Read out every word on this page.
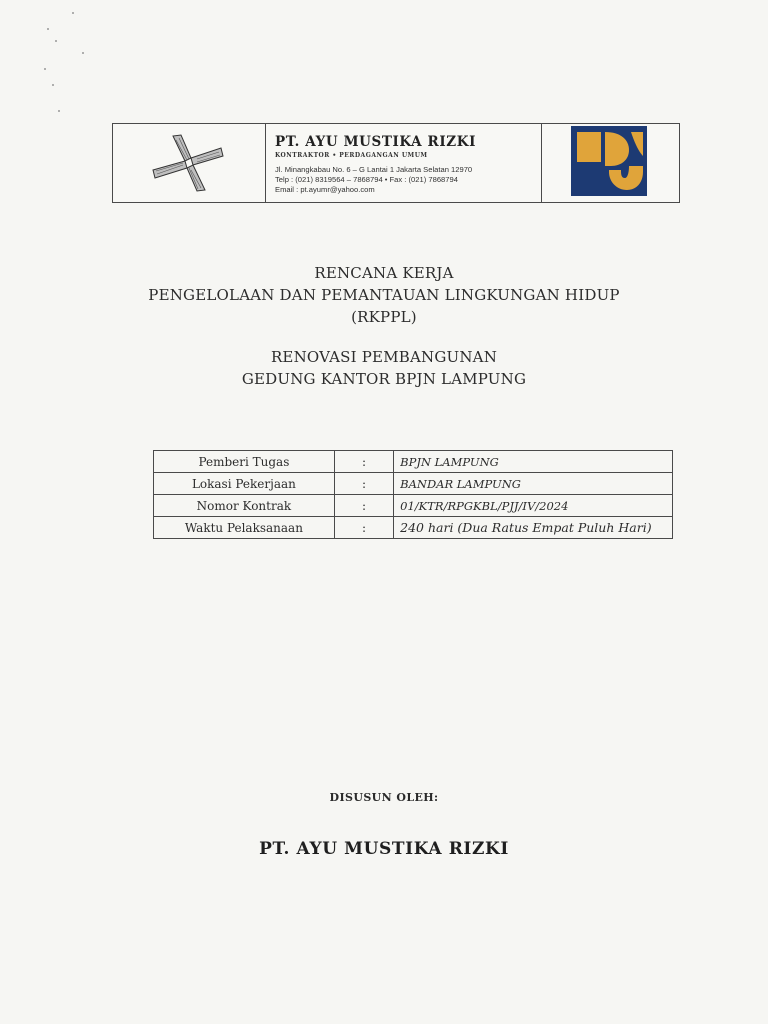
PT. AYU MUSTIKA RIZKI
KONTRAKTOR • PERDAGANGAN UMUM
Jl. Minangkabau No. 6 – G Lantai 1 Jakarta Selatan 12970
Telp : (021) 8319564 – 7868794 • Fax : (021) 7868794
Email : pt.ayumr@yahoo.com
RENCANA KERJA
PENGELOLAAN DAN PEMANTAUAN LINGKUNGAN HIDUP
(RKPPL)
RENOVASI PEMBANGUNAN
GEDUNG KANTOR BPJN LAMPUNG
Pemberi Tugas	:	BPJN LAMPUNG
Lokasi Pekerjaan	:	BANDAR LAMPUNG
Nomor Kontrak	:	01/KTR/RPGKBL/PJJ/IV/2024
Waktu Pelaksanaan	:	240 hari (Dua Ratus Empat Puluh Hari)
DISUSUN OLEH:
PT. AYU MUSTIKA RIZKI
